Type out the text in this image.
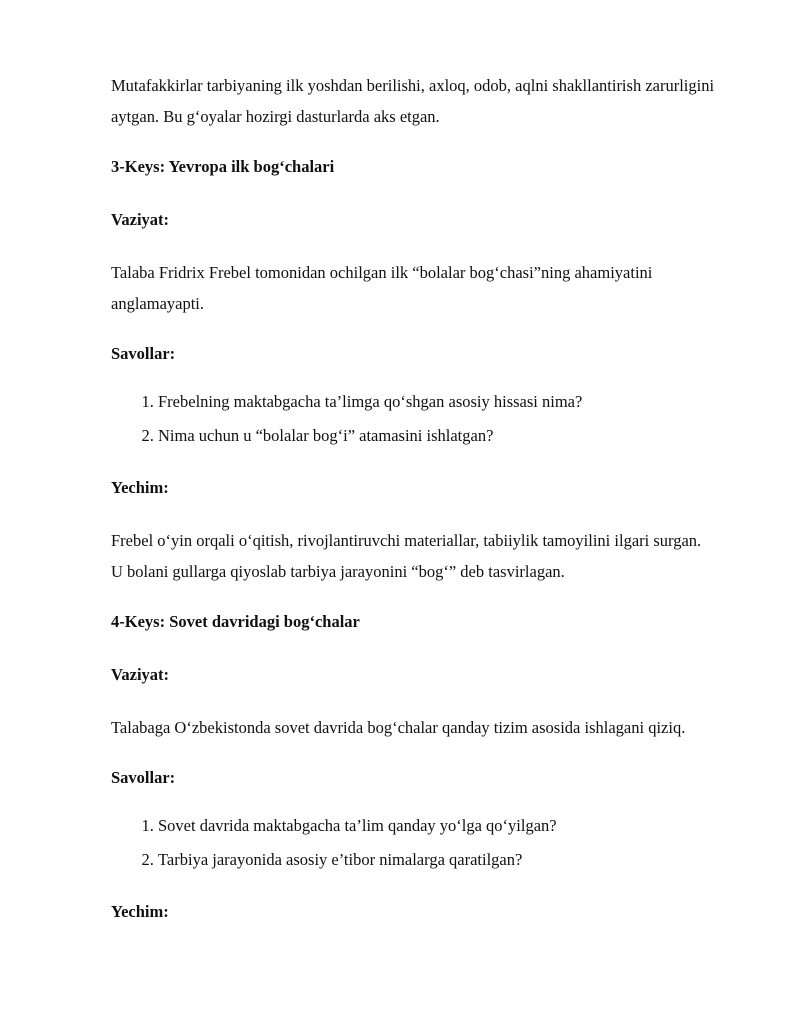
Mutafakkirlar tarbiyaning ilk yoshdan berilishi, axloq, odob, aqlni shakllantirish zarurligini aytgan. Bu g‘oyalar hozirgi dasturlarda aks etgan.

3-Keys: Yevropa ilk bog‘chalari

Vaziyat:

Talaba Fridrix Frebel tomonidan ochilgan ilk “bolalar bog‘chasi”ning ahamiyatini anglamayapti.

Savollar:

1. Frebelning maktabgacha ta’limga qo‘shgan asosiy hissasi nima?
2. Nima uchun u “bolalar bog‘i” atamasini ishlatgan?

Yechim:

Frebel o‘yin orqali o‘qitish, rivojlantiruvchi materiallar, tabiiylik tamoyilini ilgari surgan. U bolani gullarga qiyoslab tarbiya jarayonini “bog‘” deb tasvirlagan.

4-Keys: Sovet davridagi bog‘chalar

Vaziyat:

Talabaga O‘zbekistonda sovet davrida bog‘chalar qanday tizim asosida ishlagani qiziq.

Savollar:

1. Sovet davrida maktabgacha ta’lim qanday yo‘lga qo‘yilgan?
2. Tarbiya jarayonida asosiy e’tibor nimalarga qaratilgan?

Yechim:
